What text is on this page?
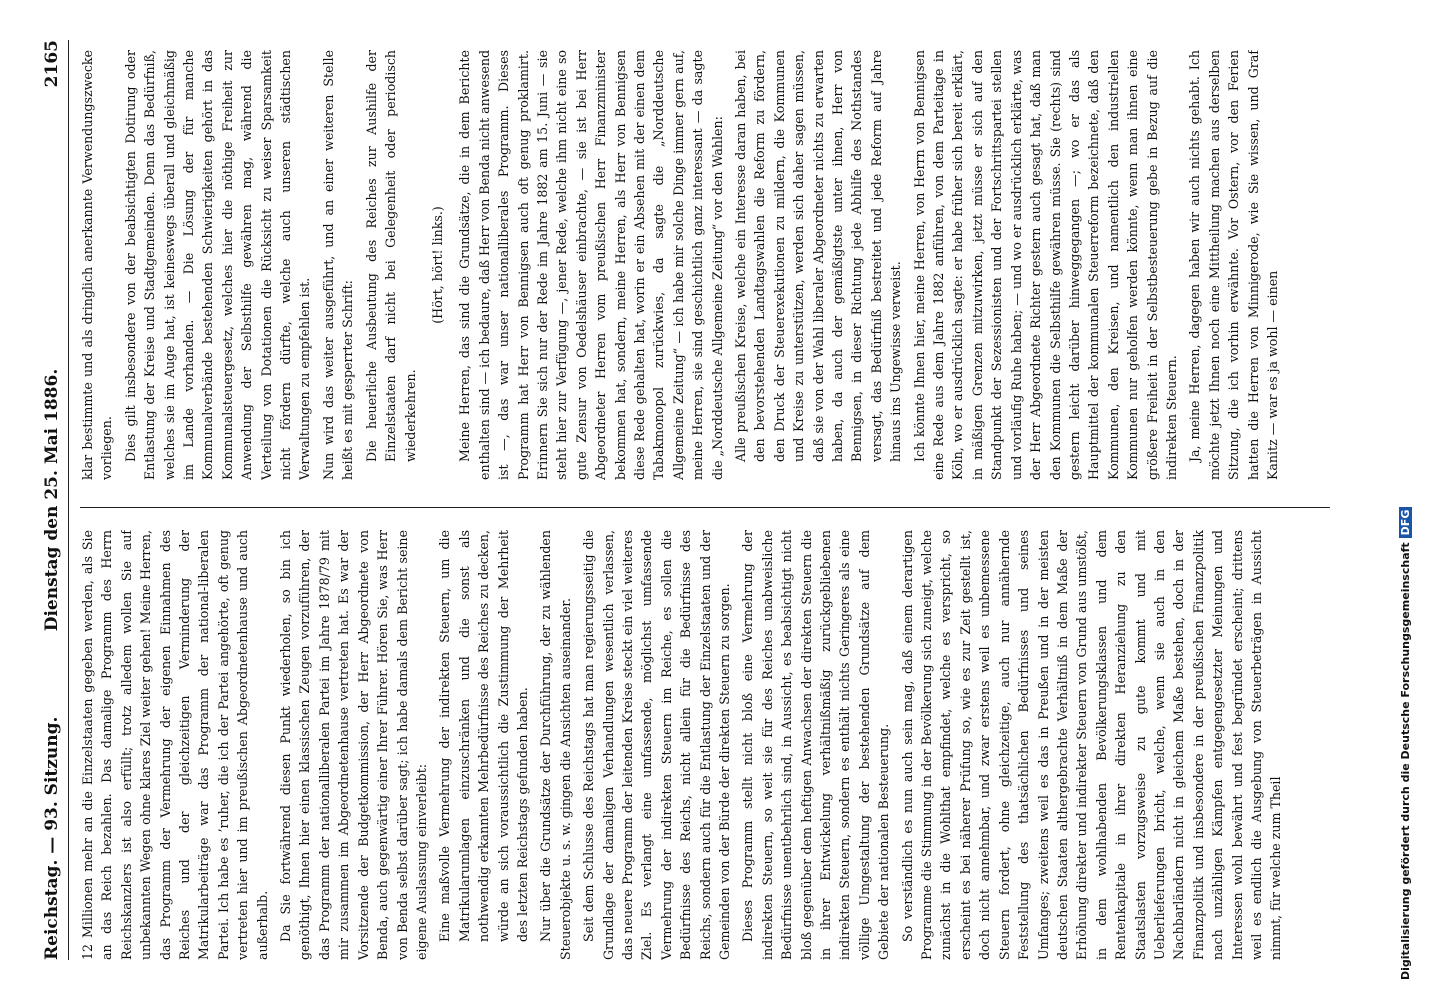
Reichstag. — 93. Sitzung.
Dienstag den 25. Mai 1886.
2165

12 Millionen mehr an die Einzelstaaten gegeben werden, als Sie an das Reich bezahlen. Das damalige Programm des Herrn Reichskanzlers ist also erfüllt; trotz alledem wollen Sie auf unbekannten Wegen ohne klares Ziel weiter gehen! Meine Herren, das Programm der Vermehrung der eigenen Einnahmen des Reiches und der gleichzeitigen Verminderung der Matrikularbeiträge war das Programm der national-liberalen Partei. Ich habe es ’ruher, die ich der Partei angehörte, oft genug vertreten hier und im preußischen Abgeordnetenhause und auch außerhalb. Da Sie fortwährend diesen Punkt wiederholen, so bin ich genöthigt, Ihnen hier einen klassischen Zeugen vorzuführen, der das Programm der nationalliberalen Partei im Jahre 1878/79 mit mir zusammen im Abgeordnetenhause vertreten hat. Es war der Vorsitzende der Budgetkommission, der Herr Abgeordnete von Benda, auch gegenwärtig einer Ihrer Führer. Hören Sie, was Herr von Benda selbst darüber sagt; ich habe damals dem Bericht seine eigene Auslassung einverleibt: Eine maßvolle Vermehrung der indirekten Steuern, um die Matrikularumlagen einzuschränken und die sonst als nothwendig erkannten Mehrbedürfnisse des Reiches zu decken, würde an sich voraussichtlich die Zustimmung der Mehrheit des letzten Reichstags gefunden haben. Nur über die Grundsätze der Durchführung, der zu wählenden Steuerobjekte u. s. w. gingen die Ansichten auseinander. Seit dem Schlusse des Reichstags hat man regierungsseitig die Grundlage der damaligen Verhandlungen wesentlich verlassen, das neuere Programm der leitenden Kreise steckt ein viel weiteres Ziel. Es verlangt eine umfassende, möglichst umfassende Vermehrung der indirekten Steuern im Reiche, es sollen die Bedürfnisse des Reichs, nicht allein für die Bedürfnisse des Reichs, sondern auch für die Entlastung der Einzelstaaten und der Gemeinden von der Bürde der direkten Steuern zu sorgen. Dieses Programm stellt nicht bloß eine Vermehrung der indirekten Steuern, so weit sie für des Reiches unabweisliche Bedürfnisse unentbehrlich sind, in Aussicht, es beabsichtigt nicht bloß gegenüber dem heftigen Anwachsen der direkten Steuern die in ihrer Entwickelung verhältnißmäßig zurückgebliebenen indirekten Steuern, sondern es enthält nichts Geringeres als eine völlige Umgestaltung der bestehenden Grundsätze auf dem Gebiete der nationalen Besteuerung. So verständlich es nun auch sein mag, daß einem derartigen Programme die Stimmung in der Bevölkerung sich zuneigt, welche zunächst in die Wohlthat empfindet, welche es verspricht, so erscheint es bei näherer Prüfung so, wie es zur Zeit gestellt ist, doch nicht annehmbar, und zwar erstens weil es unbemessene Steuern fordert, ohne gleichzeitige, auch nur annähernde Feststellung des thatsächlichen Bedürfnisses und seines Umfanges; zweitens weil es das in Preußen und in der meisten deutschen Staaten althergebrachte Verhältniß in dem Maße der Erhöhung direkter und indirekter Steuern von Grund aus umstößt, in dem wohlhabenden Bevölkerungsklassen und dem Rentenkapitale in ihrer direkten Heranziehung zu den Staatslasten vorzugsweise zu gute kommt und mit Ueberlieferungen bricht, welche, wenn sie auch in den Nachbarländern nicht in gleichem Maße bestehen, doch in der Finanzpolitik und insbesondere in der preußischen Finanzpolitik nach unzähligen Kämpfen entgegengesetzter Meinungen und Interessen wohl bewährt und fest begründet erscheint; drittens weil es endlich die Ausgebung von Steuerbeträgen in Aussicht nimmt, für welche zum Theil

klar bestimmte und als dringlich anerkannte Verwendungszwecke vorliegen. Dies gilt insbesondere von der beabsichtigten Dotirung oder Entlastung der Kreise und Stadtgemeinden. Denn das Bedürfniß, welches sie im Auge hat, ist keineswegs überall und gleichmäßig im Lande vorhanden. — Die Lösung der für manche Kommunalverbände bestehenden Schwierigkeiten gehört in das Kommunalsteuergesetz, welches hier die nöthige Freiheit zur Anwendung der Selbsthilfe gewähren mag, während die Verteilung von Dotationen die Rücksicht zu weiser Sparsamkeit nicht fördern dürfte, welche auch unseren städtischen Verwaltungen zu empfehlen ist. Nun wird das weiter ausgeführt, und an einer weiteren Stelle heißt es mit gesperrter Schrift: Die heuerliche Ausbeutung des Reiches zur Aushilfe der Einzelstaaten darf nicht bei Gelegenheit oder periodisch wiederkehren.

(Hört, hört! links.) Meine Herren, das sind die Grundsätze, die in dem Berichte enthalten sind — ich bedaure, daß Herr von Benda nicht anwesend ist —, das war unser nationalliberales Programm. Dieses Programm hat Herr von Bennigsen auch oft genug proklamirt. Erinnern Sie sich nur der Rede im Jahre 1882 am 15. Juni — sie steht hier zur Verfügung —, jener Rede, welche ihm nicht eine so gute Zensur von Oedelshäuser einbrachte, — sie ist bei Herr Abgeordneter Herren vom preußischen Herr Finanzminister bekommen hat, sondern, meine Herren, als Herr von Bennigsen diese Rede gehalten hat, worin er ein Absehen mit der einen dem Tabakmonopol zurückwies, da sagte die „Norddeutsche Allgemeine Zeitung“ — ich habe mir solche Dinge immer gern auf, meine Herren, sie sind geschichtlich ganz interessant — da sagte die „Norddeutsche Allgemeine Zeitung“ vor den Wahlen: Alle preußischen Kreise, welche ein Interesse daran haben, bei den bevorstehenden Landtagswahlen die Reform zu fördern, den Druck der Steuerexekutionen zu mildern, die Kommunen und Kreise zu unterstützen, werden sich daher sagen müssen, daß sie von der Wahl liberaler Abgeordneter nichts zu erwarten haben, da auch der gemäßigtste unter ihnen, Herr von Bennigsen, in dieser Richtung jede Abhilfe des Nothstandes versagt, das Bedürfniß bestreitet und jede Reform auf Jahre hinaus ins Ungewisse verweist. Ich könnte Ihnen hier, meine Herren, von Herrn von Bennigsen eine Rede aus dem Jahre 1882 anführen, von dem Parteitage in Köln, wo er ausdrücklich sagte: er habe früher sich bereit erklärt, in mäßigen Grenzen mitzuwirken, jetzt müsse er sich auf den Standpunkt der Sezessionisten und der Fortschrittspartei stellen und vorläufig Ruhe haben; — und wo er ausdrücklich erklärte, was der Herr Abgeordnete Richter gestern auch gesagt hat, daß man den Kommunen die Selbsthilfe gewähren müsse. Sie (rechts) sind gestern leicht darüber hinweggegangen —; wo er das als Hauptmittel der kommunalen Steuerreform bezeichnete, daß den Kommunen, den Kreisen, und namentlich den industriellen Kommunen nur geholfen werden könnte, wenn man ihnen eine größere Freiheit in der Selbstbesteuerung gebe in Bezug auf die indirekten Steuern. Ja, meine Herren, dagegen haben wir auch nichts gehabt. Ich möchte jetzt Ihnen noch eine Mittheilung machen aus derselben Sitzung, die ich vorhin erwähnte. Vor Ostern, vor den Ferien hatten die Herren von Minnigerode, wie Sie wissen, und Graf Kanitz — war es ja wohl — einen

Digitalisierung gefördert durch die Deutsche ForschungsgemeinschaftDFG
